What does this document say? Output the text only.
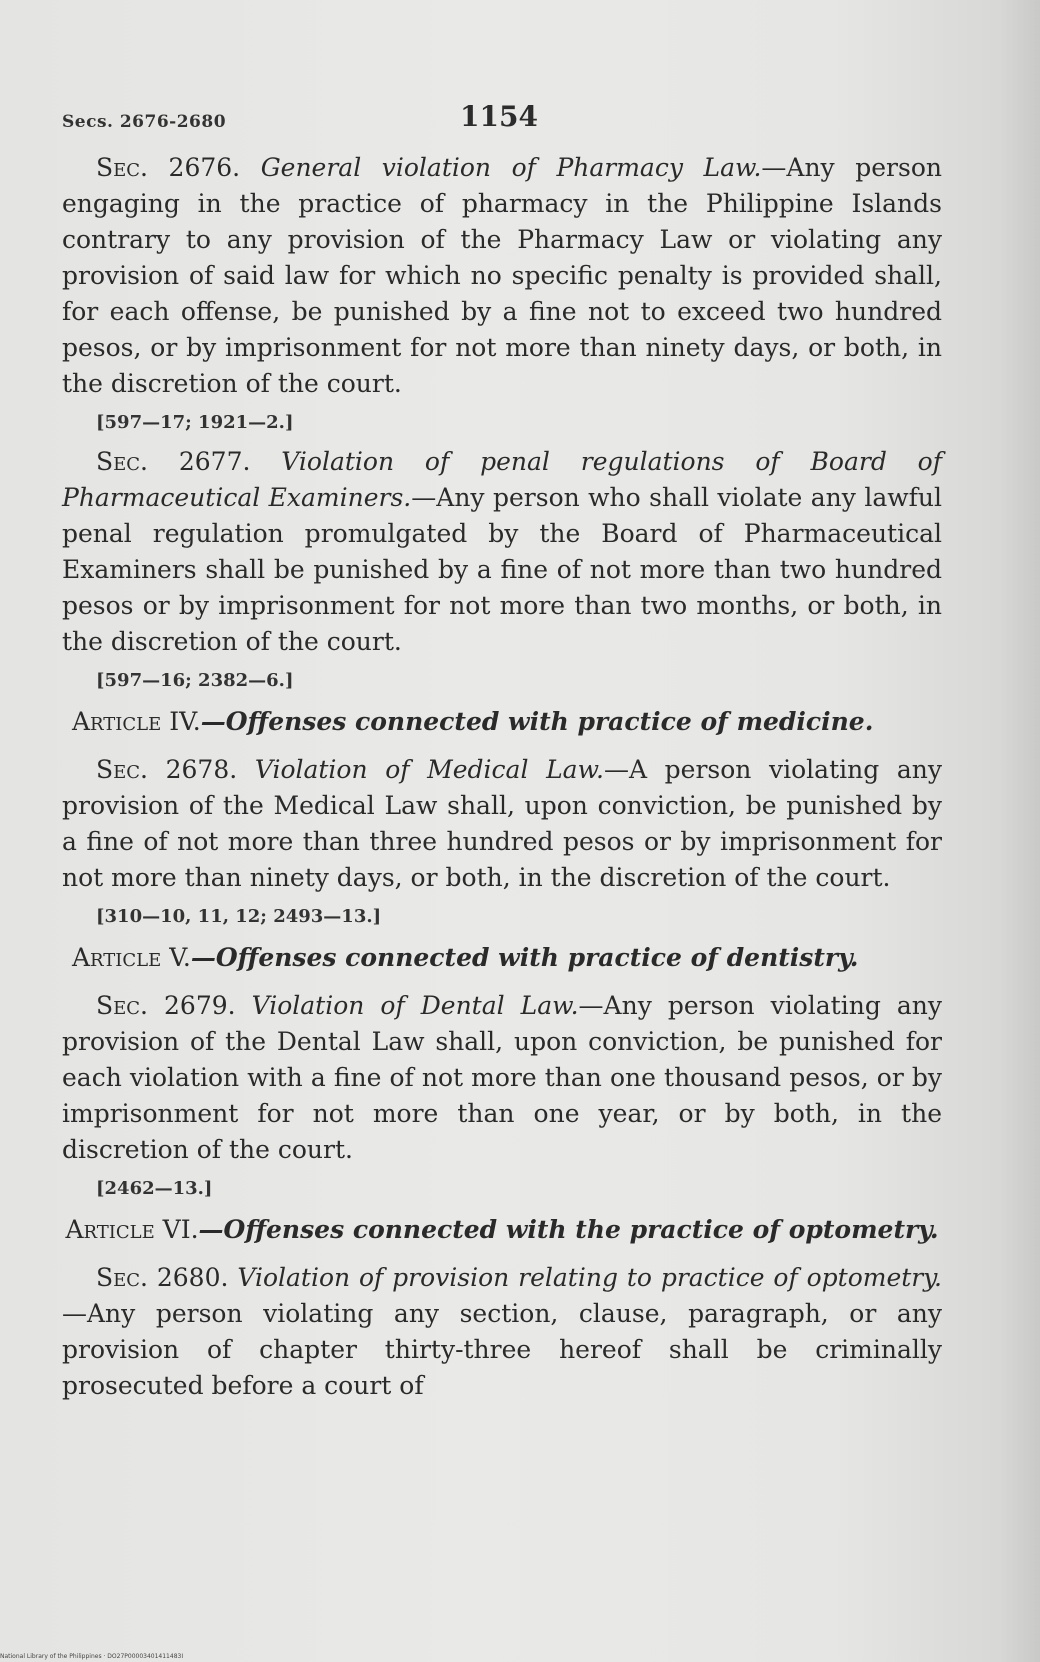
Secs. 2676-2680	1154

Sec. 2676. General violation of Pharmacy Law.—Any person engaging in the practice of pharmacy in the Philippine Islands contrary to any provision of the Pharmacy Law or violating any provision of said law for which no specific penalty is provided shall, for each offense, be punished by a fine not to exceed two hundred pesos, or by imprisonment for not more than ninety days, or both, in the discretion of the court.

[597—17; 1921—2.]

Sec. 2677. Violation of penal regulations of Board of Pharmaceutical Examiners.—Any person who shall violate any lawful penal regulation promulgated by the Board of Pharmaceutical Examiners shall be punished by a fine of not more than two hundred pesos or by imprisonment for not more than two months, or both, in the discretion of the court.

[597—16; 2382—6.]
Article IV.—Offenses connected with practice of medicine.

Sec. 2678. Violation of Medical Law.—A person violating any provision of the Medical Law shall, upon conviction, be punished by a fine of not more than three hundred pesos or by imprisonment for not more than ninety days, or both, in the discretion of the court.

[310—10, 11, 12; 2493—13.]
Article V.—Offenses connected with practice of dentistry.

Sec. 2679. Violation of Dental Law.—Any person violating any provision of the Dental Law shall, upon conviction, be punished for each violation with a fine of not more than one thousand pesos, or by imprisonment for not more than one year, or by both, in the discretion of the court.

[2462—13.]
Article VI.—Offenses connected with the practice of optometry.

Sec. 2680. Violation of provision relating to practice of optometry.—Any person violating any section, clause, paragraph, or any provision of chapter thirty-three hereof shall be criminally prosecuted before a court of

National Library of the Philippines · DO27P00003401411483I
